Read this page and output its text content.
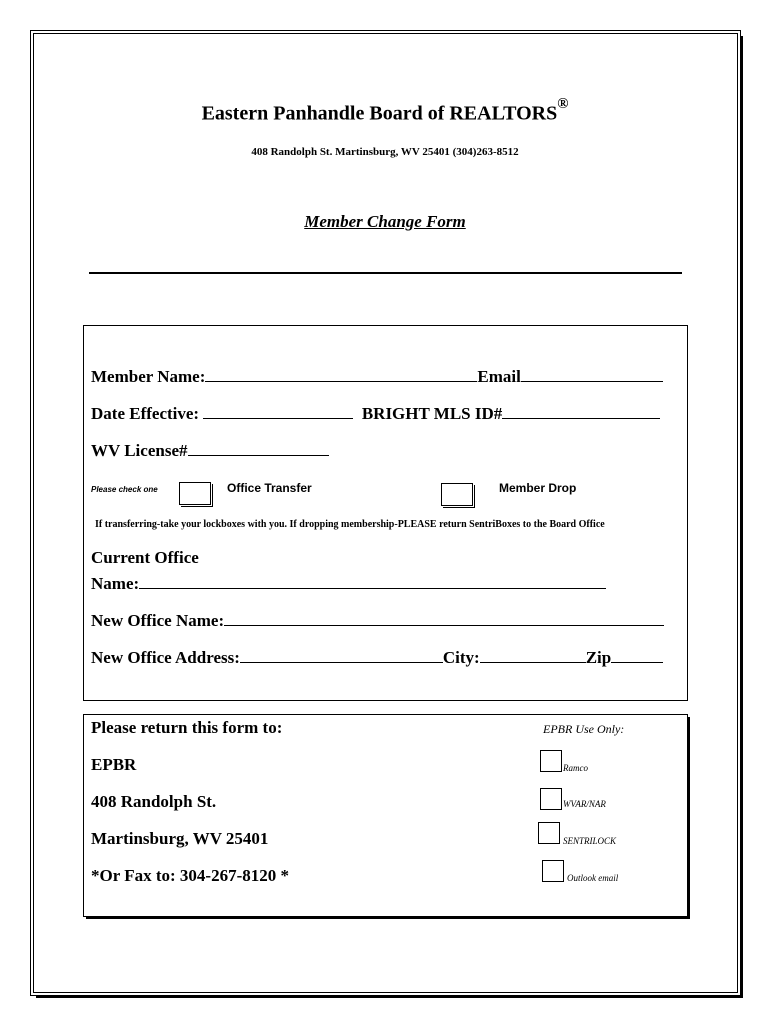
Eastern Panhandle Board of REALTORS®
408 Randolph St. Martinsburg, WV 25401 (304)263-8512
Member Change Form
Member Name:	Email
Date Effective:	BRIGHT MLS ID#
WV License#
Please check one	Office Transfer	Member Drop
If transferring-take your lockboxes with you. If dropping membership-PLEASE return SentriBoxes to the Board Office
Current Office
Name:
New Office Name:
New Office Address:	City:	Zip
Please return this form to:
EPBR
408 Randolph St.
Martinsburg, WV 25401
*Or Fax to: 304-267-8120 *
EPBR Use Only:
Ramco
WVAR/NAR
SENTRILOCK
Outlook email
